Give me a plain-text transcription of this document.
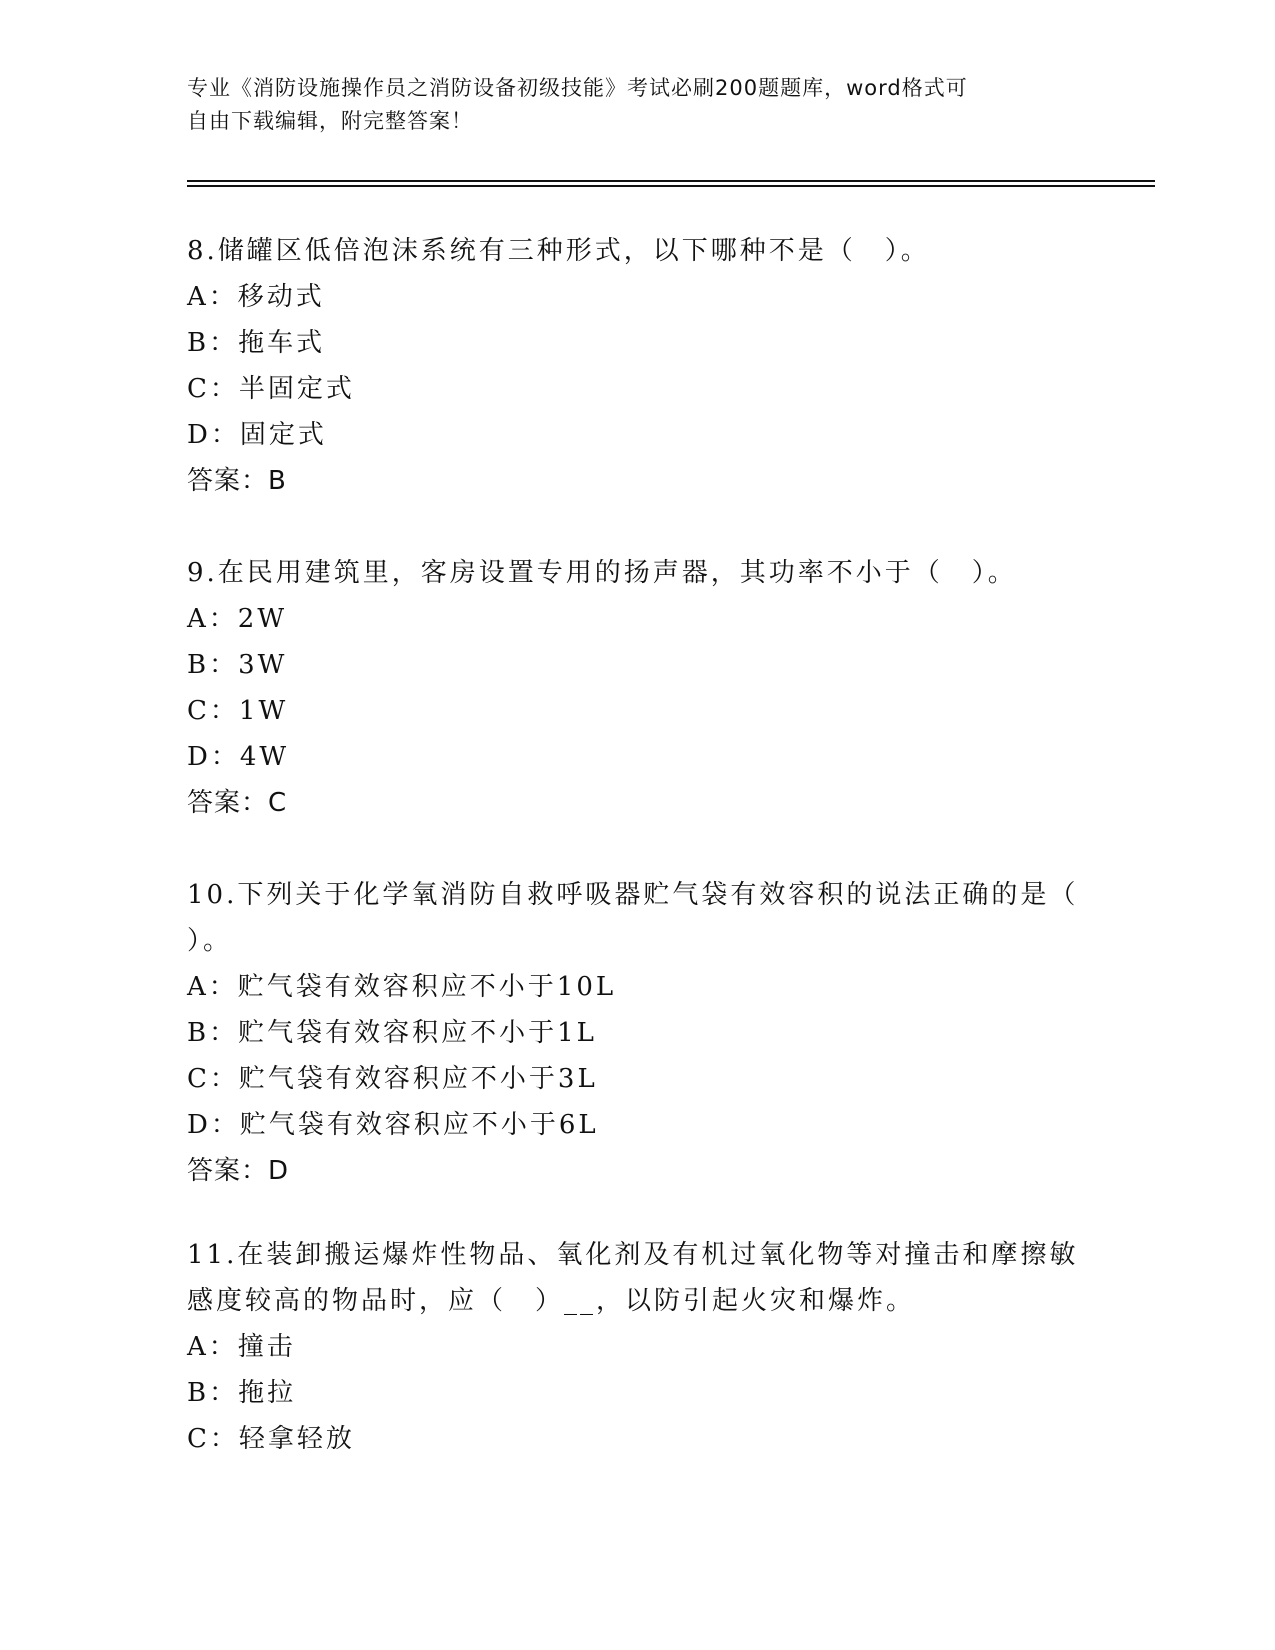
专业《消防设施操作员之消防设备初级技能》考试必刷200题题库，word格式可
自由下载编辑，附完整答案！
8.储罐区低倍泡沫系统有三种形式，以下哪种不是（　）。
A：移动式
B：拖车式
C：半固定式
D：固定式
答案：B
9.在民用建筑里，客房设置专用的扬声器，其功率不小于（　）。
A：2W
B：3W
C：1W
D：4W
答案：C
10.下列关于化学氧消防自救呼吸器贮气袋有效容积的说法正确的是（
）。
A：贮气袋有效容积应不小于10L
B：贮气袋有效容积应不小于1L
C：贮气袋有效容积应不小于3L
D：贮气袋有效容积应不小于6L
答案：D
11.在装卸搬运爆炸性物品、氧化剂及有机过氧化物等对撞击和摩擦敏
感度较高的物品时，应（　）__，以防引起火灾和爆炸。
A：撞击
B：拖拉
C：轻拿轻放
